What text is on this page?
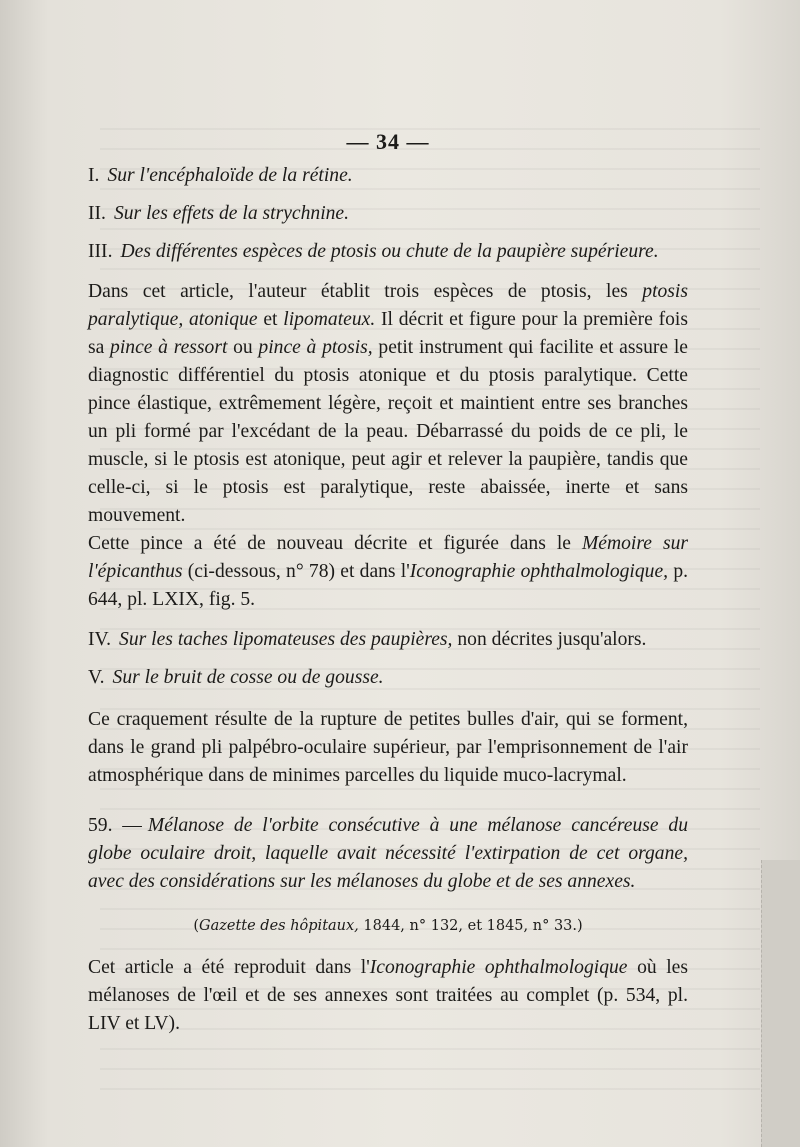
— 34 —

I. Sur l'encéphaloïde de la rétine.

II. Sur les effets de la strychnine.

III. Des différentes espèces de ptosis ou chute de la paupière supérieure.

Dans cet article, l'auteur établit trois espèces de ptosis, les ptosis paralytique, atonique et lipomateux. Il décrit et figure pour la première fois sa pince à ressort ou pince à ptosis, petit instrument qui facilite et assure le diagnostic différentiel du ptosis atonique et du ptosis paralytique. Cette pince élastique, extrêmement légère, reçoit et maintient entre ses branches un pli formé par l'excédant de la peau. Débarrassé du poids de ce pli, le muscle, si le ptosis est atonique, peut agir et relever la paupière, tandis que celle-ci, si le ptosis est paralytique, reste abaissée, inerte et sans mouvement.

Cette pince a été de nouveau décrite et figurée dans le Mémoire sur l'épicanthus (ci-dessous, n° 78) et dans l'Iconographie ophthalmologique, p. 644, pl. LXIX, fig. 5.

IV. Sur les taches lipomateuses des paupières, non décrites jusqu'alors.

V. Sur le bruit de cosse ou de gousse.

Ce craquement résulte de la rupture de petites bulles d'air, qui se forment, dans le grand pli palpébro-oculaire supérieur, par l'emprisonnement de l'air atmosphérique dans de minimes parcelles du liquide muco-lacrymal.

59. — Mélanose de l'orbite consécutive à une mélanose cancéreuse du globe oculaire droit, laquelle avait nécessité l'extirpation de cet organe, avec des considérations sur les mélanoses du globe et de ses annexes.

(Gazette des hôpitaux, 1844, n° 132, et 1845, n° 33.)

Cet article a été reproduit dans l'Iconographie ophthalmologique où les mélanoses de l'œil et de ses annexes sont traitées au complet (p. 534, pl. LIV et LV).
